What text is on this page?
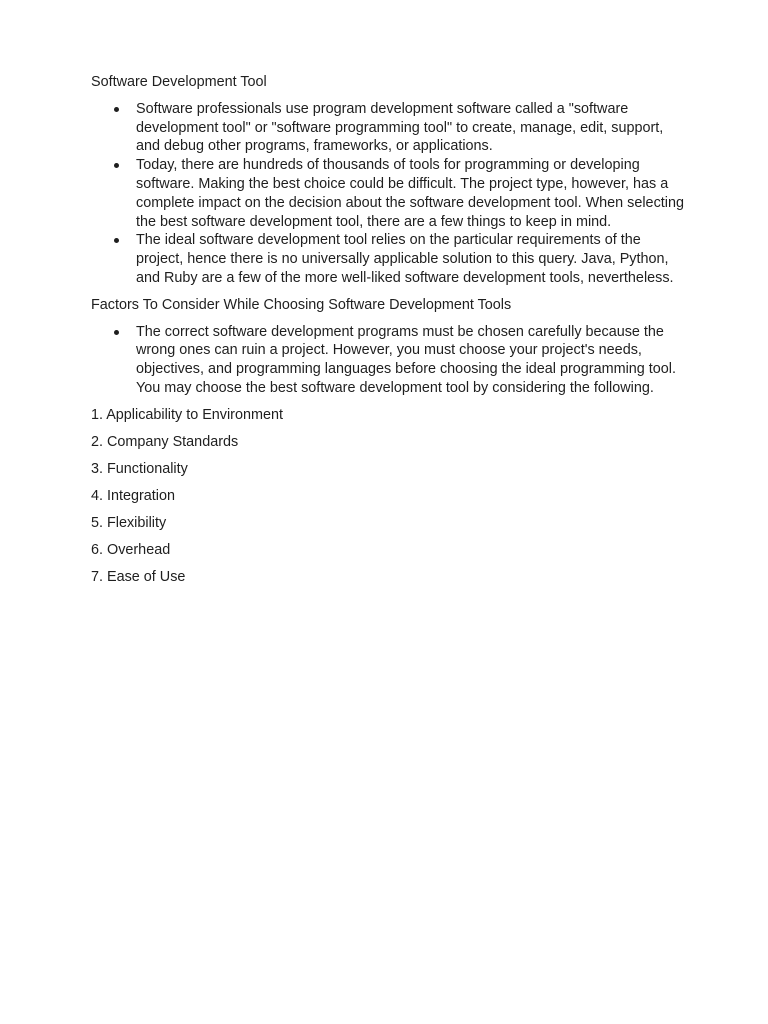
Software Development Tool

Software professionals use program development software called a "software development tool" or "software programming tool" to create, manage, edit, support, and debug other programs, frameworks, or applications.
Today, there are hundreds of thousands of tools for programming or developing software. Making the best choice could be difficult. The project type, however, has a complete impact on the decision about the software development tool. When selecting the best software development tool, there are a few things to keep in mind.
The ideal software development tool relies on the particular requirements of the project, hence there is no universally applicable solution to this query. Java, Python, and Ruby are a few of the more well-liked software development tools, nevertheless.

Factors To Consider While Choosing Software Development Tools

The correct software development programs must be chosen carefully because the wrong ones can ruin a project. However, you must choose your project's needs, objectives, and programming languages before choosing the ideal programming tool. You may choose the best software development tool by considering the following.
1. Applicability to Environment
2. Company Standards
3. Functionality
4. Integration
5. Flexibility
6. Overhead
7. Ease of Use
